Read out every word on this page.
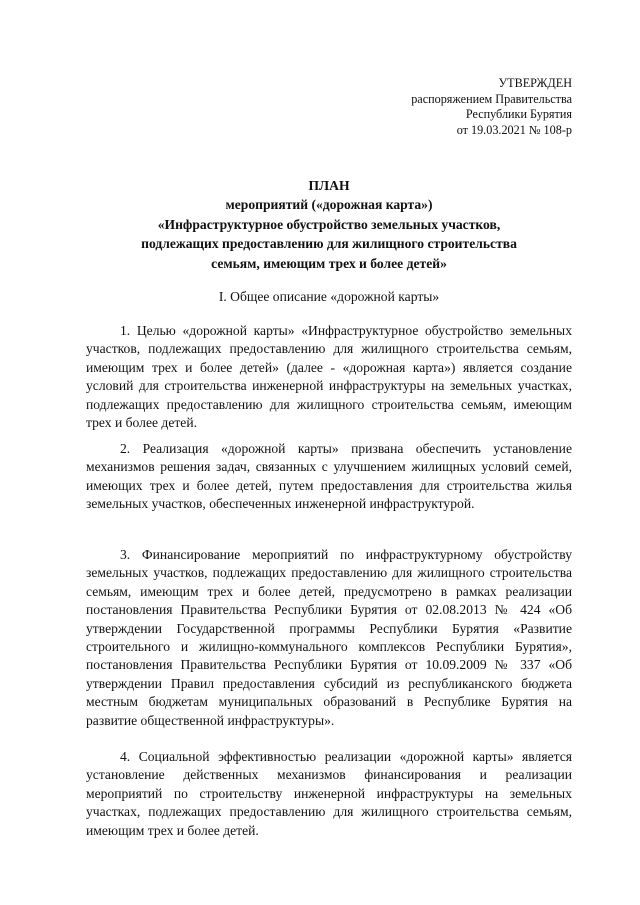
УТВЕРЖДЕН
распоряжением Правительства
Республики Бурятия
от 19.03.2021 № 108-р
ПЛАН
мероприятий («дорожная карта»)
«Инфраструктурное обустройство земельных участков,
подлежащих предоставлению для жилищного строительства
семьям, имеющим трех и более детей»
I. Общее описание «дорожной карты»

1. Целью «дорожной карты» «Инфраструктурное обустройство земельных участков, подлежащих предоставлению для жилищного строительства семьям, имеющим трех и более детей» (далее - «дорожная карта») является создание условий для строительства инженерной инфраструктуры на земельных участках, подлежащих предоставлению для жилищного строительства семьям, имеющим трех и более детей.

2. Реализация «дорожной карты» призвана обеспечить установление механизмов решения задач, связанных с улучшением жилищных условий семей, имеющих трех и более детей, путем предоставления для строительства жилья земельных участков, обеспеченных инженерной инфраструктурой.

3. Финансирование мероприятий по инфраструктурному обустройству земельных участков, подлежащих предоставлению для жилищного строительства семьям, имеющим трех и более детей, предусмотрено в рамках реализации постановления Правительства Республики Бурятия от 02.08.2013 № 424 «Об утверждении Государственной программы Республики Бурятия «Развитие строительного и жилищно-коммунального комплексов Республики Бурятия», постановления Правительства Республики Бурятия от 10.09.2009 № 337 «Об утверждении Правил предоставления субсидий из республиканского бюджета местным бюджетам муниципальных образований в Республике Бурятия на развитие общественной инфраструктуры».

4. Социальной эффективностью реализации «дорожной карты» является установление действенных механизмов финансирования и реализации мероприятий по строительству инженерной инфраструктуры на земельных участках, подлежащих предоставлению для жилищного строительства семьям, имеющим трех и более детей.
